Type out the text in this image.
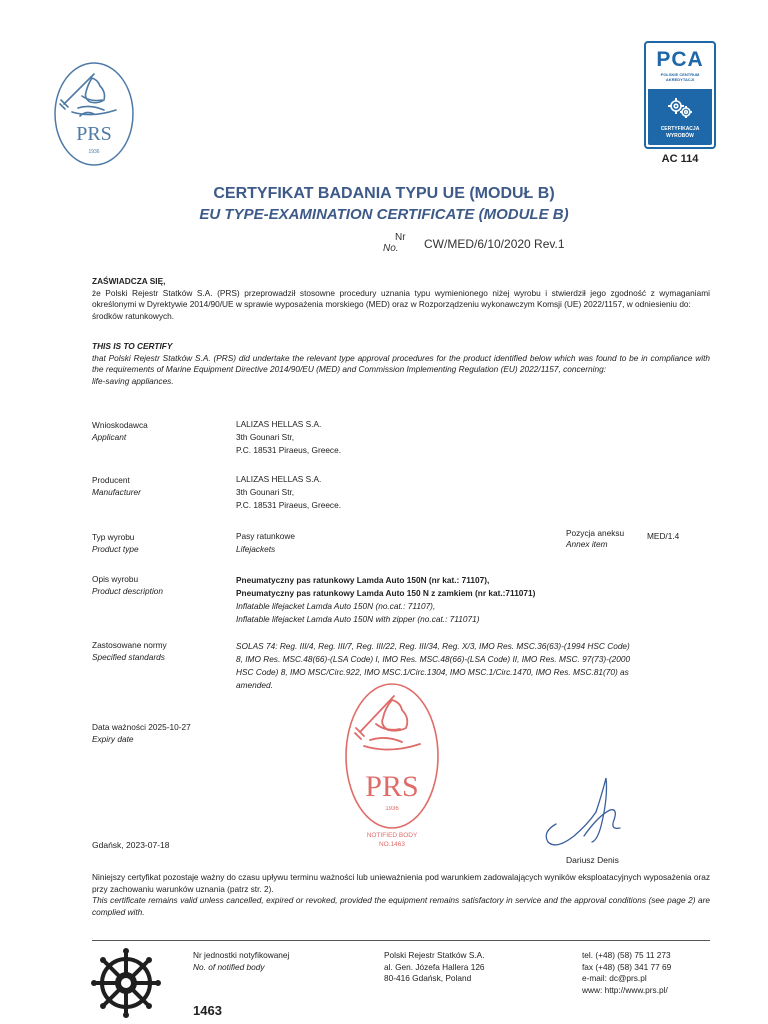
PRS
1936
PCA
POLSKIE CENTRUM
AKREDYTACJI
CERTYFIKACJA
WYROBÓW
AC 114
CERTYFIKAT BADANIA TYPU UE (MODUŁ B)
EU TYPE-EXAMINATION CERTIFICATE (MODULE B)
Nr
No.	CW/MED/6/10/2020 Rev.1
ZAŚWIADCZA SIĘ,
że Polski Rejestr Statków S.A. (PRS) przeprowadził stosowne procedury uznania typu wymienionego niżej wyrobu i stwierdził jego zgodność z wymaganiami określonymi w Dyrektywie 2014/90/UE w sprawie wyposażenia morskiego (MED) oraz w Rozporządzeniu wykonawczym Komsji (UE) 2022/1157, w odniesieniu do:
środków ratunkowych.
THIS IS TO CERTIFY
that Polski Rejestr Statków S.A. (PRS) did undertake the relevant type approval procedures for the product identified below which was found to be in compliance with the requirements of Marine Equipment Directive 2014/90/EU (MED) and Commission Implementing Regulation (EU) 2022/1157, concerning:
life-saving appliances.
Wnioskodawca
Applicant
LALIZAS HELLAS S.A.
3th Gounari Str,
P.C. 18531 Piraeus, Greece.
Producent
Manufacturer
LALIZAS HELLAS S.A.
3th Gounari Str,
P.C. 18531 Piraeus, Greece.
Typ wyrobu
Product type
Pasy ratunkowe
Lifejackets
Pozycja aneksu
Annex item
MED/1.4
Opis wyrobu
Product description
Pneumatyczny pas ratunkowy Lamda Auto 150N (nr kat.: 71107),
Pneumatyczny pas ratunkowy Lamda Auto 150 N z zamkiem (nr kat.:711071)
Inflatable lifejacket Lamda Auto 150N (no.cat.: 71107),
Inflatable lifejacket Lamda Auto 150N with zipper (no.cat.: 711071)
Zastosowane normy
Specified standards
SOLAS 74: Reg. III/4, Reg. III/7, Reg. III/22, Reg. III/34, Reg. X/3, IMO Res. MSC.36(63)-(1994 HSC Code)
8, IMO Res. MSC.48(66)-(LSA Code) I, IMO Res. MSC.48(66)-(LSA Code) II, IMO Res. MSC. 97(73)-(2000
HSC Code) 8, IMO MSC/Circ.922, IMO MSC.1/Circ.1304, IMO MSC.1/Circ.1470, IMO Res. MSC.81(70) as
amended.
Data ważności 2025-10-27
Expiry date
PRS
1936
NOTIFIED BODY
NO.1463
Dariusz Denis
Gdańsk, 2023-07-18
Niniejszy certyfikat pozostaje ważny do czasu upływu terminu ważności lub unieważnienia pod warunkiem zadowalających wyników eksploatacyjnych wyposażenia oraz przy zachowaniu warunków uznania (patrz str. 2).
This certificate remains valid unless cancelled, expired or revoked, provided the equipment remains satisfactory in service and the approval conditions (see page 2) are complied with.
Nr jednostki notyfikowanej
No. of notified body
1463
Polski Rejestr Statków S.A.
al. Gen. Józefa Hallera 126
80-416 Gdańsk, Poland
tel. (+48) (58) 75 11 273
fax (+48) (58) 341 77 69
e-mail: dc@prs.pl
www: http://www.prs.pl/
